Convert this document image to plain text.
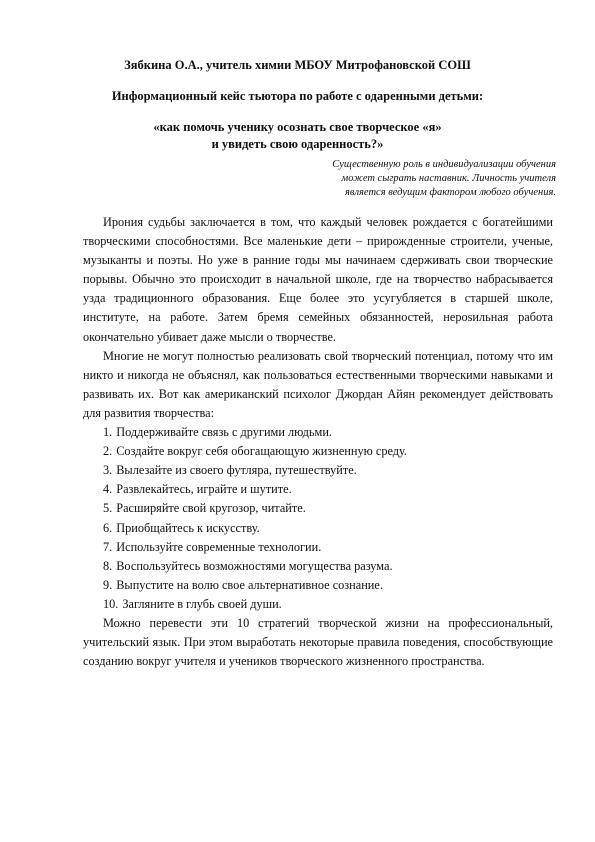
Зябкина О.А., учитель химии МБОУ Митрофановской СОШ
Информационный кейс тьютора по работе с одаренными детьми:
«как помочь ученику осознать свое творческое «я»
и увидеть свою одаренность?»
Существенную роль в индивидуализации обучения
может сыграть наставник. Личность учителя
является ведущим фактором любого обучения.

Ирония судьбы заключается в том, что каждый человек рождается с богатейшими творческими способностями. Все маленькие дети – прирожденные строители, ученые, музыканты и поэты. Но уже в ранние годы мы начинаем сдерживать свои творческие порывы. Обычно это происходит в начальной школе, где на творчество набрасывается узда традиционного образования. Еще более это усугубляется в старшей школе, институте, на работе. Затем бремя семейных обязанностей, неposильная работа окончательно убивает даже мысли о творчестве.

Многие не могут полностью реализовать свой творческий потенциал, потому что им никто и никогда не объяснял, как пользоваться естественными творческими навыками и развивать их. Вот как американский психолог Джордан Айян рекомендует действовать для развития творчества:

1. Поддерживайте связь с другими людьми.
2. Создайте вокруг себя обогащающую жизненную среду.
3. Вылезайте из своего футляра, путешествуйте.
4. Развлекайтесь, играйте и шутите.
5. Расширяйте свой кругозор, читайте.
6. Приобщайтесь к искусству.
7. Используйте современные технологии.
8. Воспользуйтесь возможностями могущества разума.
9. Выпустите на волю свое альтернативное сознание.
10. Загляните в глубь своей души.

Можно перевести эти 10 стратегий творческой жизни на профессиональный, учительский язык. При этом выработать некоторые правила поведения, способствующие созданию вокруг учителя и учеников творческого жизненного пространства.
